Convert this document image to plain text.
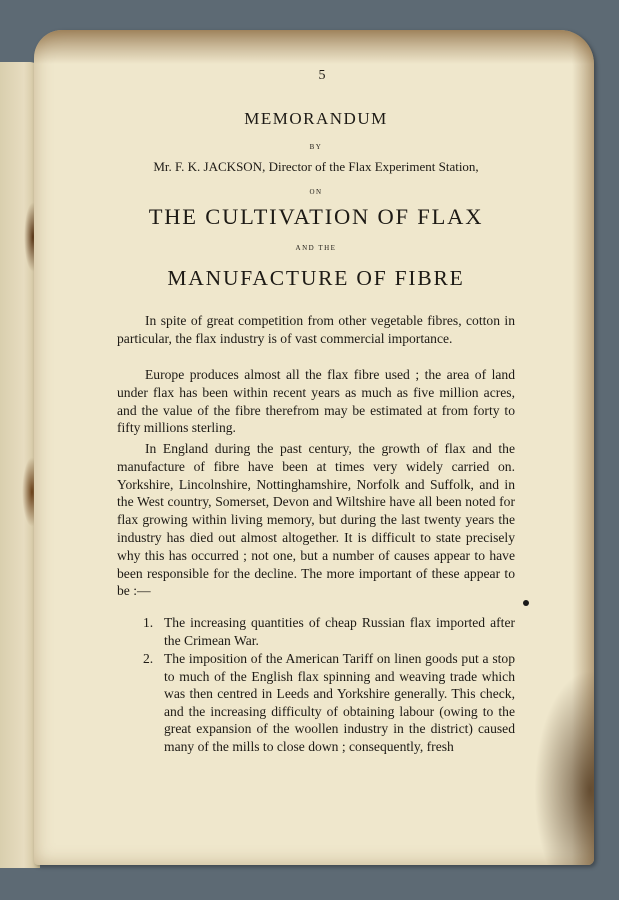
5
MEMORANDUM
BY
Mr. F. K. JACKSON, Director of the Flax Experiment Station,
ON
THE CULTIVATION OF FLAX
AND THE
MANUFACTURE OF FIBRE

In spite of great competition from other vegetable fibres, cotton in particular, the flax industry is of vast commercial importance.

Europe produces almost all the flax fibre used ; the area of land under flax has been within recent years as much as five million acres, and the value of the fibre therefrom may be estimated at from forty to fifty millions sterling.

In England during the past century, the growth of flax and the manufacture of fibre have been at times very widely carried on. Yorkshire, Lincolnshire, Nottinghamshire, Norfolk and Suffolk, and in the West country, Somerset, Devon and Wiltshire have all been noted for flax growing within living memory, but during the last twenty years the industry has died out almost altogether. It is difficult to state precisely why this has occurred ; not one, but a number of causes appear to have been responsible for the decline. The more important of these appear to be :—

1. The increasing quantities of cheap Russian flax imported after the Crimean War.
2. The imposition of the American Tariff on linen goods put a stop to much of the English flax spinning and weaving trade which was then centred in Leeds and Yorkshire generally. This check, and the increasing difficulty of obtaining labour (owing to the great expansion of the woollen industry in the district) caused many of the mills to close down ; consequently, fresh
